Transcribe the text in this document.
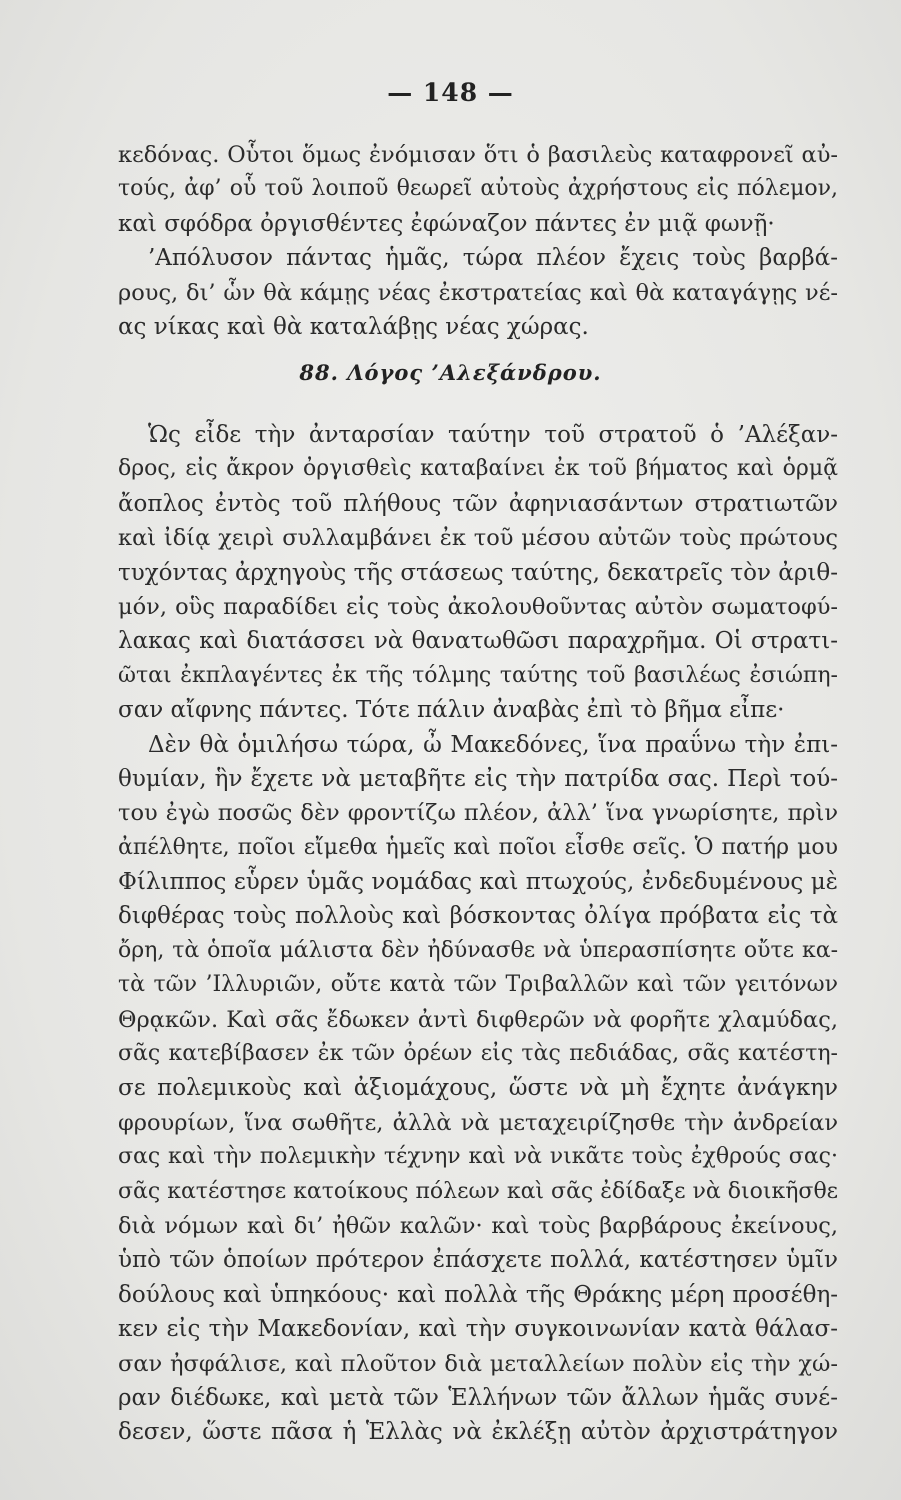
— 148 —
κεδόνας. Οὗτοι ὅμως ἐνόμισαν ὅτι ὁ βασιλεὺς καταφρονεῖ αὐ-
τούς, ἀφ’ οὗ τοῦ λοιποῦ θεωρεῖ αὐτοὺς ἀχρήστους εἰς πόλεμον,
καὶ σφόδρα ὀργισθέντες ἐφώναζον πάντες ἐν μιᾷ φωνῇ·
’Απόλυσον πάντας ἡμᾶς, τώρα πλέον ἔχεις τοὺς βαρβά-
ρους, δι’ ὧν θὰ κάμῃς νέας ἐκστρατείας καὶ θὰ καταγάγῃς νέ-
ας νίκας καὶ θὰ καταλάβῃς νέας χώρας.
88. Λόγος ’Αλεξάνδρου.
Ὡς εἶδε τὴν ἀνταρσίαν ταύτην τοῦ στρατοῦ ὁ ’Αλέξαν-
δρος, εἰς ἄκρον ὀργισθεὶς καταβαίνει ἐκ τοῦ βήματος καὶ ὁρμᾷ
ἄοπλος ἐντὸς τοῦ πλήθους τῶν ἀφηνιασάντων στρατιωτῶν
καὶ ἰδίᾳ χειρὶ συλλαμβάνει ἐκ τοῦ μέσου αὐτῶν τοὺς πρώτους
τυχόντας ἀρχηγοὺς τῆς στάσεως ταύτης, δεκατρεῖς τὸν ἀριθ-
μόν, οὓς παραδίδει εἰς τοὺς ἀκολουθοῦντας αὐτὸν σωματοφύ-
λακας καὶ διατάσσει νὰ θανατωθῶσι παραχρῆμα. Οἱ στρατι-
ῶται ἐκπλαγέντες ἐκ τῆς τόλμης ταύτης τοῦ βασιλέως ἐσιώπη-
σαν αἴφνης πάντες. Τότε πάλιν ἀναβὰς ἐπὶ τὸ βῆμα εἶπε·
Δὲν θὰ ὁμιλήσω τώρα, ὦ Μακεδόνες, ἵνα πραΰνω τὴν ἐπι-
θυμίαν, ἣν ἔχετε νὰ μεταβῆτε εἰς τὴν πατρίδα σας. Περὶ τού-
του ἐγὼ ποσῶς δὲν φροντίζω πλέον, ἀλλ’ ἵνα γνωρίσητε, πρὶν
ἀπέλθητε, ποῖοι εἴμεθα ἡμεῖς καὶ ποῖοι εἶσθε σεῖς. Ὁ πατήρ μου
Φίλιππος εὗρεν ὑμᾶς νομάδας καὶ πτωχούς, ἐνδεδυμένους μὲ
διφθέρας τοὺς πολλοὺς καὶ βόσκοντας ὀλίγα πρόβατα εἰς τὰ
ὄρη, τὰ ὁποῖα μάλιστα δὲν ἠδύνασθε νὰ ὑπερασπίσητε οὔτε κα-
τὰ τῶν ’Ιλλυριῶν, οὔτε κατὰ τῶν Τριβαλλῶν καὶ τῶν γειτόνων
Θρᾳκῶν. Καὶ σᾶς ἔδωκεν ἀντὶ διφθερῶν νὰ φορῆτε χλαμύδας,
σᾶς κατεβίβασεν ἐκ τῶν ὀρέων εἰς τὰς πεδιάδας, σᾶς κατέστη-
σε πολεμικοὺς καὶ ἀξιομάχους, ὥστε νὰ μὴ ἔχητε ἀνάγκην
φρουρίων, ἵνα σωθῆτε, ἀλλὰ νὰ μεταχειρίζησθε τὴν ἀνδρείαν
σας καὶ τὴν πολεμικὴν τέχνην καὶ νὰ νικᾶτε τοὺς ἐχθρούς σας·
σᾶς κατέστησε κατοίκους πόλεων καὶ σᾶς ἐδίδαξε νὰ διοικῆσθε
διὰ νόμων καὶ δι’ ἠθῶν καλῶν· καὶ τοὺς βαρβάρους ἐκείνους,
ὑπὸ τῶν ὁποίων πρότερον ἐπάσχετε πολλά, κατέστησεν ὑμῖν
δούλους καὶ ὑπηκόους· καὶ πολλὰ τῆς Θράκης μέρη προσέθη-
κεν εἰς τὴν Μακεδονίαν, καὶ τὴν συγκοινωνίαν κατὰ θάλασ-
σαν ἠσφάλισε, καὶ πλοῦτον διὰ μεταλλείων πολὺν εἰς τὴν χώ-
ραν διέδωκε, καὶ μετὰ τῶν Ἑλλήνων τῶν ἄλλων ἡμᾶς συνέ-
δεσεν, ὥστε πᾶσα ἡ Ἑλλὰς νὰ ἐκλέξῃ αὐτὸν ἀρχιστράτηγον
